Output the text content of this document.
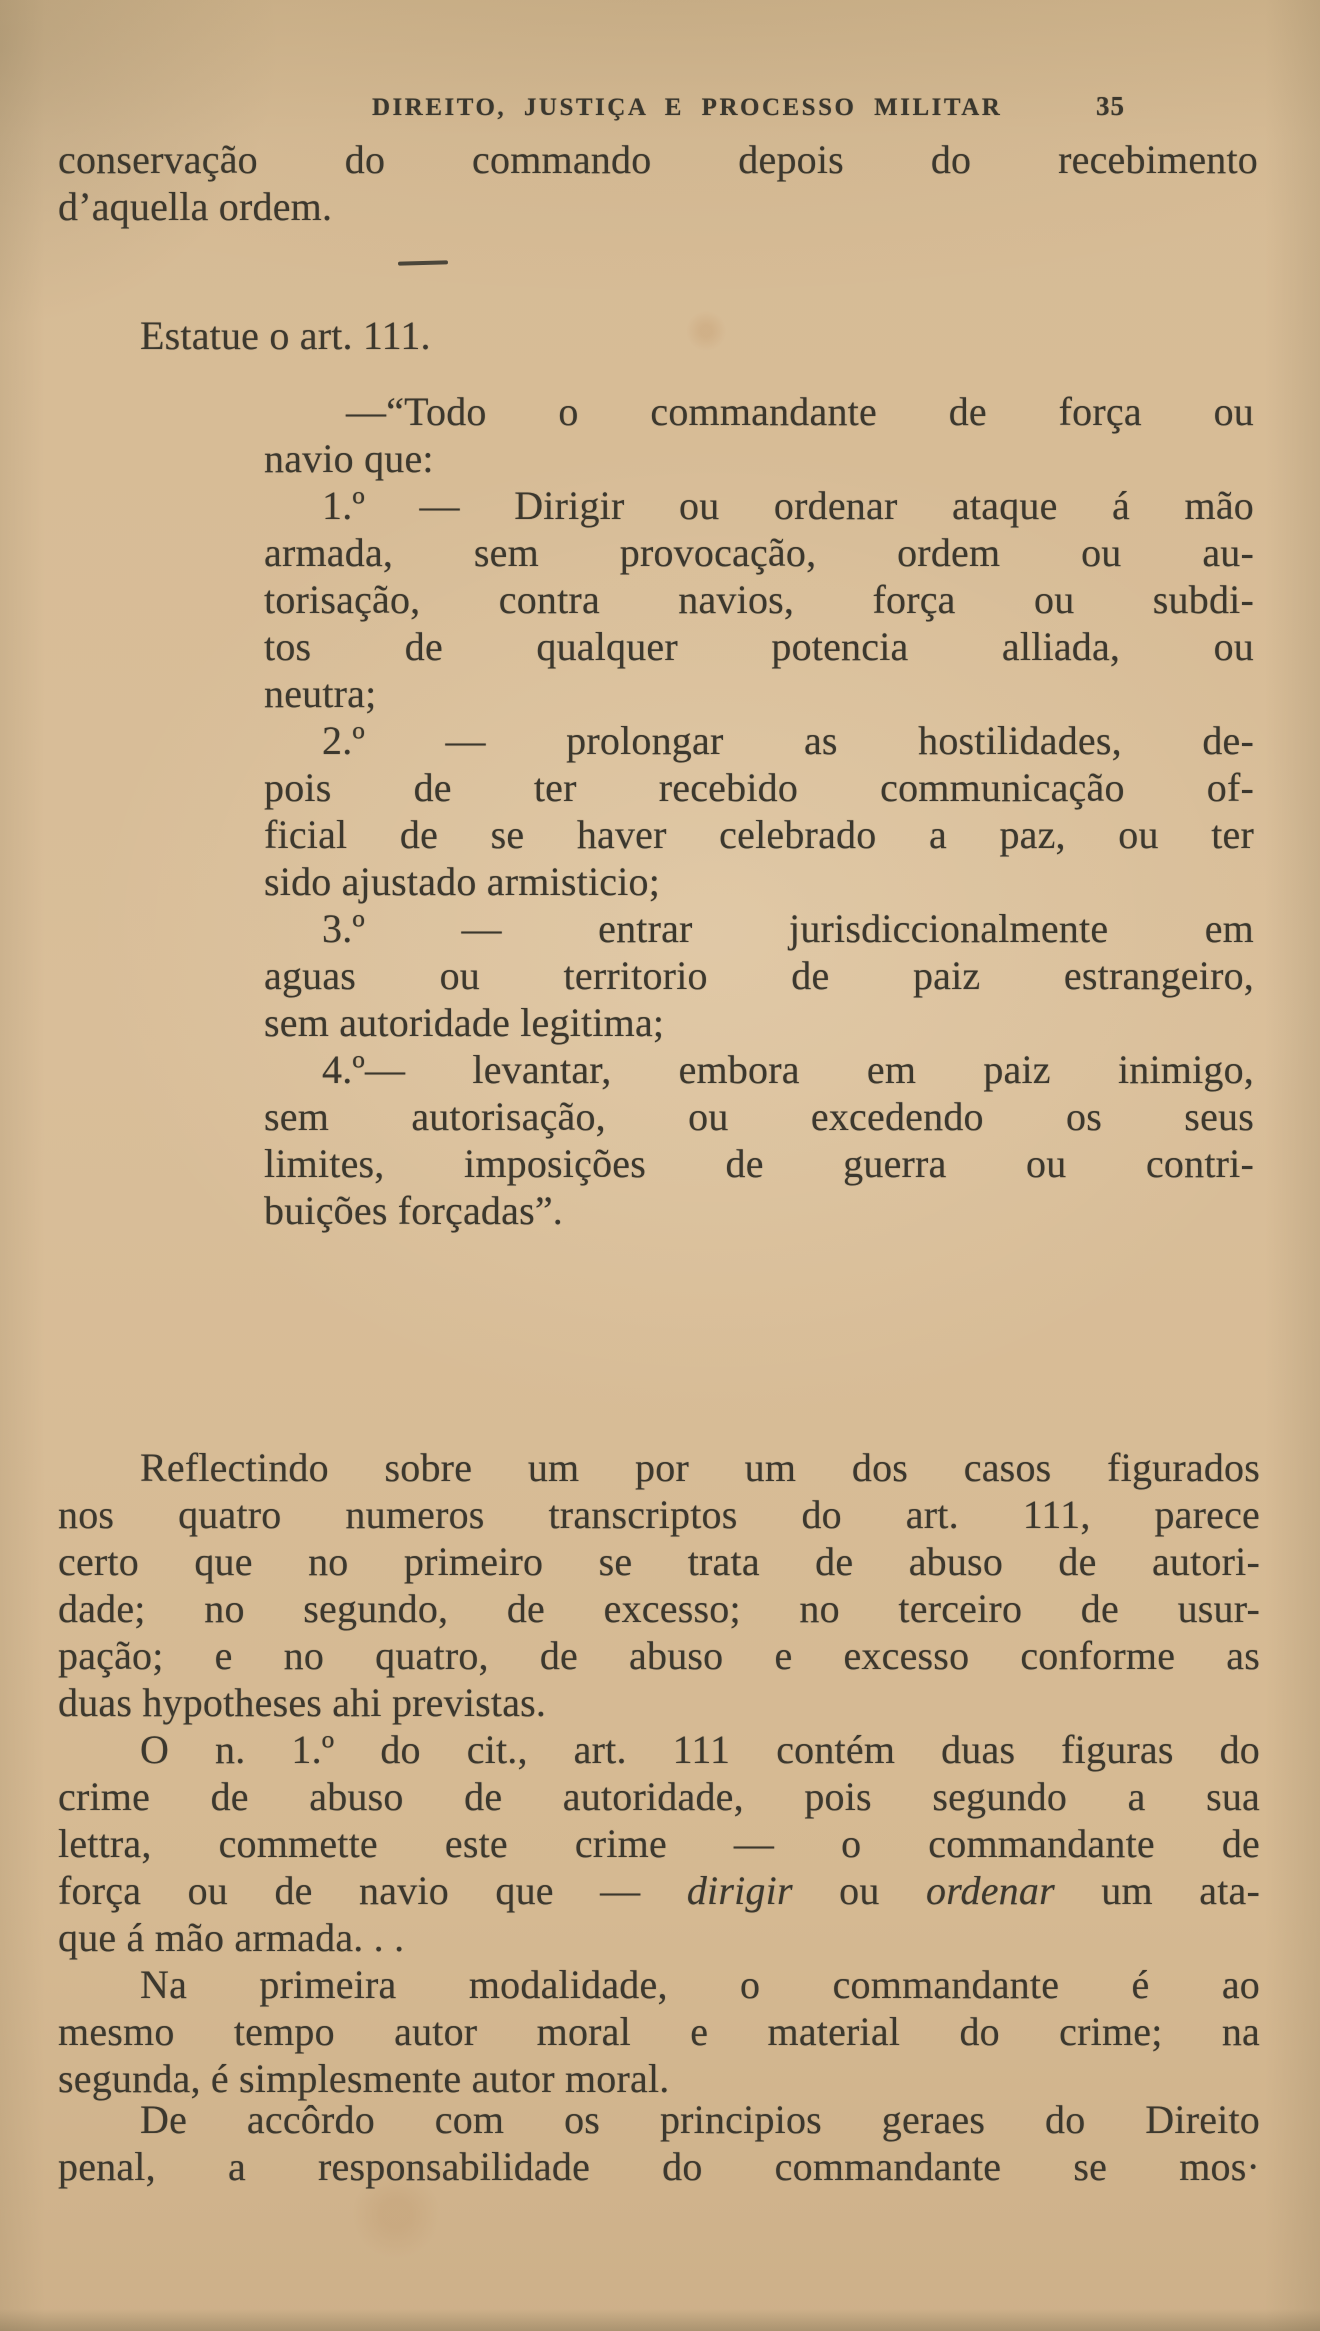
DIREITO, JUSTIÇA E PROCESSO MILITAR	35
conservação do commando depois do recebimento
d’aquella ordem.
Estatue o art. 111.
—“Todo o commandante de força ou
navio que:
1.º — Dirigir ou ordenar ataque á mão
armada, sem provocação, ordem ou au-
torisação, contra navios, força ou subdi-
tos de qualquer potencia alliada, ou
neutra;
2.º — prolongar as hostilidades, de-
pois de ter recebido communicação of-
ficial de se haver celebrado a paz, ou ter
sido ajustado armisticio;
3.º — entrar jurisdiccionalmente em
aguas ou territorio de paiz estrangeiro,
sem autoridade legitima;
4.º— levantar, embora em paiz inimigo,
sem autorisação, ou excedendo os seus
limites, imposições de guerra ou contri-
buições forçadas”.
Reflectindo sobre um por um dos casos figurados
nos quatro numeros transcriptos do art. 111, parece
certo que no primeiro se trata de abuso de autori-
dade; no segundo, de excesso; no terceiro de usur-
pação; e no quatro, de abuso e excesso conforme as
duas hypotheses ahi previstas.
O n. 1.º do cit., art. 111 contém duas figuras do
crime de abuso de autoridade, pois segundo a sua
lettra, commette este crime — o commandante de
força ou de navio que — dirigir ou ordenar um ata-
que á mão armada. . .
Na primeira modalidade, o commandante é ao
mesmo tempo autor moral e material do crime; na
segunda, é simplesmente autor moral.
De accôrdo com os principios geraes do Direito
penal, a responsabilidade do commandante se mos·
